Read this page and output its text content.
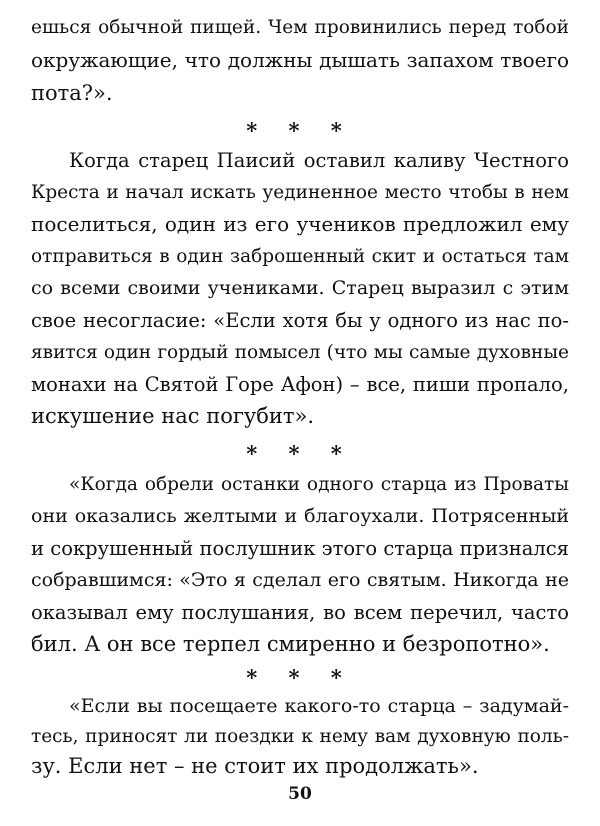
ешься обычной пищей. Чем провинились перед тобой
окружающие, что должны дышать запахом твоего
пота?».
* * *
Когда старец Паисий оставил каливу Честного
Креста и начал искать уединенное место чтобы в нем
поселиться, один из его учеников предложил ему
отправиться в один заброшенный скит и остаться там
со всеми своими учениками. Старец выразил с этим
свое несогласие: «Если хотя бы у одного из нас по-
явится один гордый помысел (что мы самые духовные
монахи на Святой Горе Афон) – все, пиши пропало,
искушение нас погубит».
* * *
«Когда обрели останки одного старца из Проваты
они оказались желтыми и благоухали. Потрясенный
и сокрушенный послушник этого старца признался
собравшимся: «Это я сделал его святым. Никогда не
оказывал ему послушания, во всем перечил, часто
бил. А он все терпел смиренно и безропотно».
* * *
«Если вы посещаете какого-то старца – задумай-
тесь, приносят ли поездки к нему вам духовную поль-
зу. Если нет – не стоит их продолжать».
50
